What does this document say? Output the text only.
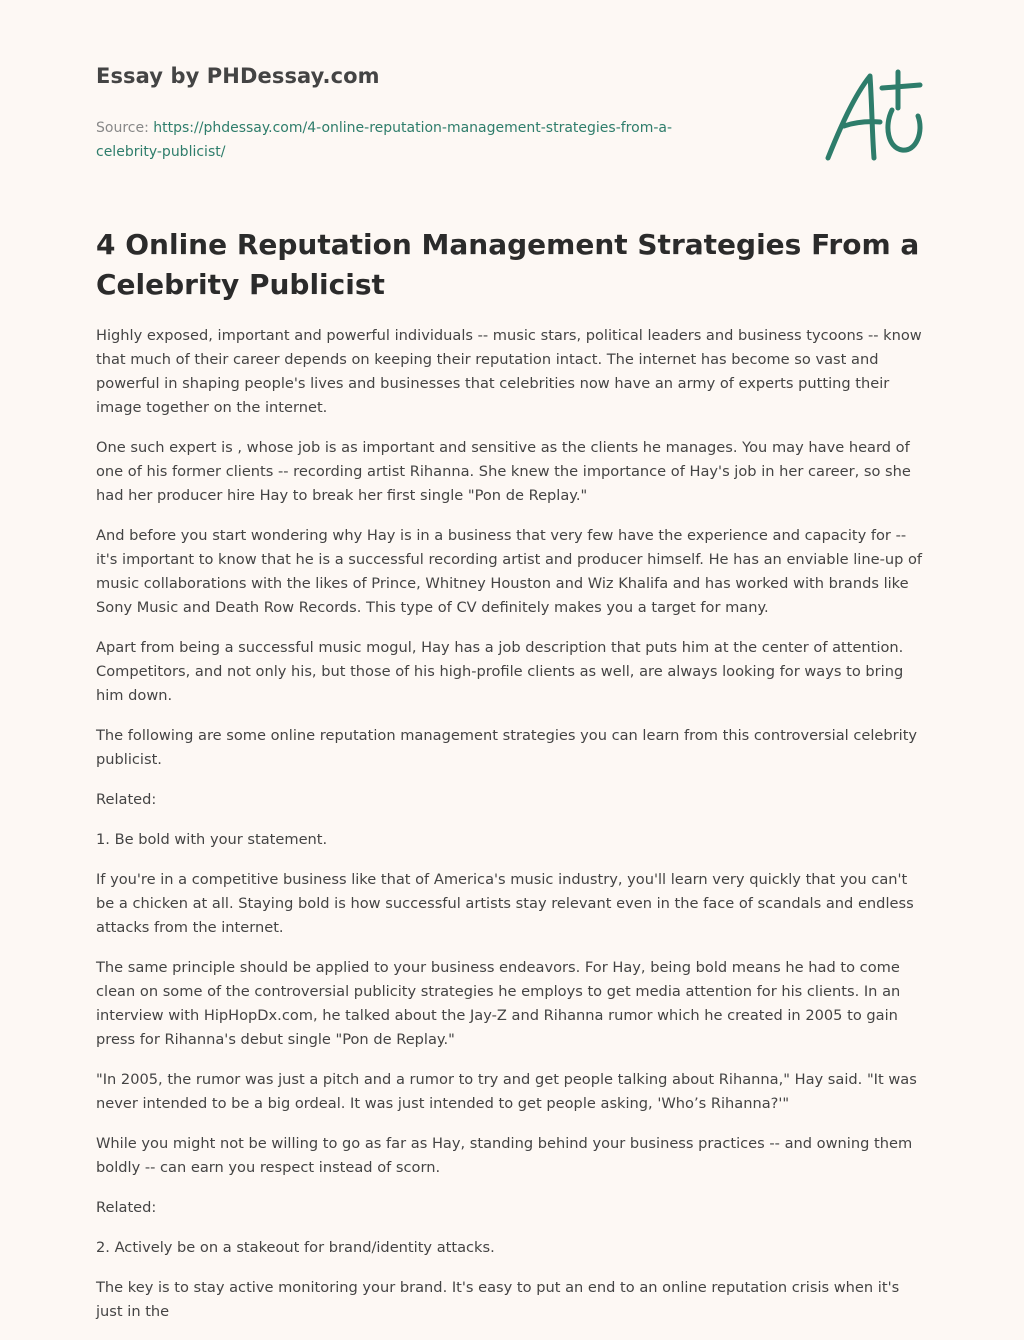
Essay by PHDessay.com
Source: https://phdessay.com/4-online-reputation-management-strategies-from-a-celebrity-publicist/
4 Online Reputation Management Strategies From a Celebrity Publicist

Highly exposed, important and powerful individuals -- music stars, political leaders and business tycoons -- know that much of their career depends on keeping their reputation intact. The internet has become so vast and powerful in shaping people's lives and businesses that celebrities now have an army of experts putting their image together on the internet.

One such expert is , whose job is as important and sensitive as the clients he manages. You may have heard of one of his former clients -- recording artist Rihanna. She knew the importance of Hay's job in her career, so she had her producer hire Hay to break her first single "Pon de Replay."

And before you start wondering why Hay is in a business that very few have the experience and capacity for -- it's important to know that he is a successful recording artist and producer himself. He has an enviable line-up of music collaborations with the likes of Prince, Whitney Houston and Wiz Khalifa and has worked with brands like Sony Music and Death Row Records. This type of CV definitely makes you a target for many.

Apart from being a successful music mogul, Hay has a job description that puts him at the center of attention. Competitors, and not only his, but those of his high-profile clients as well, are always looking for ways to bring him down.

The following are some online reputation management strategies you can learn from this controversial celebrity publicist.

Related:

1. Be bold with your statement.

If you're in a competitive business like that of America's music industry, you'll learn very quickly that you can't be a chicken at all. Staying bold is how successful artists stay relevant even in the face of scandals and endless attacks from the internet.

The same principle should be applied to your business endeavors. For Hay, being bold means he had to come clean on some of the controversial publicity strategies he employs to get media attention for his clients. In an interview with HipHopDx.com, he talked about the Jay-Z and Rihanna rumor which he created in 2005 to gain press for Rihanna's debut single "Pon de Replay."

"In 2005, the rumor was just a pitch and a rumor to try and get people talking about Rihanna," Hay said. "It was never intended to be a big ordeal. It was just intended to get people asking, 'Who’s Rihanna?'"

While you might not be willing to go as far as Hay, standing behind your business practices -- and owning them boldly -- can earn you respect instead of scorn.

Related:

2. Actively be on a stakeout for brand/identity attacks.

The key is to stay active monitoring your brand. It's easy to put an end to an online reputation crisis when it's just in the
